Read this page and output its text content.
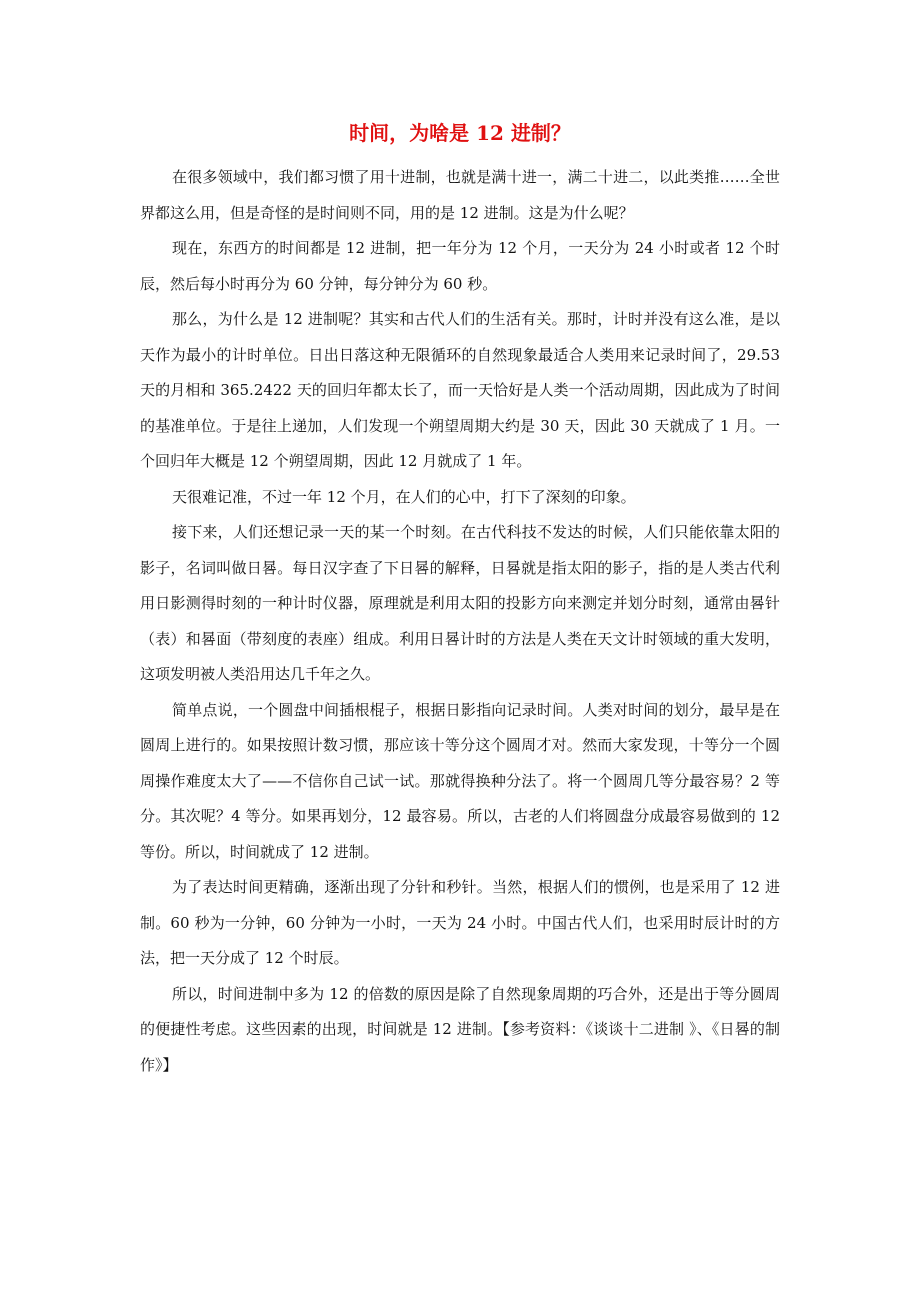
时间，为啥是 12 进制？

在很多领域中，我们都习惯了用十进制，也就是满十进一，满二十进二，以此类推……全世界都这么用，但是奇怪的是时间则不同，用的是 12 进制。这是为什么呢？

现在，东西方的时间都是 12 进制，把一年分为 12 个月，一天分为 24 小时或者 12 个时辰，然后每小时再分为 60 分钟，每分钟分为 60 秒。

那么，为什么是 12 进制呢？其实和古代人们的生活有关。那时，计时并没有这么准，是以天作为最小的计时单位。日出日落这种无限循环的自然现象最适合人类用来记录时间了，29.53 天的月相和 365.2422 天的回归年都太长了，而一天恰好是人类一个活动周期，因此成为了时间的基准单位。于是往上递加，人们发现一个朔望周期大约是 30 天，因此 30 天就成了 1 月。一个回归年大概是 12 个朔望周期，因此 12 月就成了 1 年。

天很难记准，不过一年 12 个月，在人们的心中，打下了深刻的印象。

接下来，人们还想记录一天的某一个时刻。在古代科技不发达的时候，人们只能依靠太阳的影子，名词叫做日晷。每日汉字查了下日晷的解释，日晷就是指太阳的影子，指的是人类古代利用日影测得时刻的一种计时仪器，原理就是利用太阳的投影方向来测定并划分时刻，通常由晷针（表）和晷面（带刻度的表座）组成。利用日晷计时的方法是人类在天文计时领域的重大发明，这项发明被人类沿用达几千年之久。

简单点说，一个圆盘中间插根棍子，根据日影指向记录时间。人类对时间的划分，最早是在圆周上进行的。如果按照计数习惯，那应该十等分这个圆周才对。然而大家发现，十等分一个圆周操作难度太大了——不信你自己试一试。那就得换种分法了。将一个圆周几等分最容易？2 等分。其次呢？4 等分。如果再划分，12 最容易。所以，古老的人们将圆盘分成最容易做到的 12 等份。所以，时间就成了 12 进制。

为了表达时间更精确，逐渐出现了分针和秒针。当然，根据人们的惯例，也是采用了 12 进制。60 秒为一分钟，60 分钟为一小时，一天为 24 小时。中国古代人们，也采用时辰计时的方法，把一天分成了 12 个时辰。

所以，时间进制中多为 12 的倍数的原因是除了自然现象周期的巧合外，还是出于等分圆周的便捷性考虑。这些因素的出现，时间就是 12 进制。【参考资料：《谈谈十二进制 》、《日晷的制作》】
